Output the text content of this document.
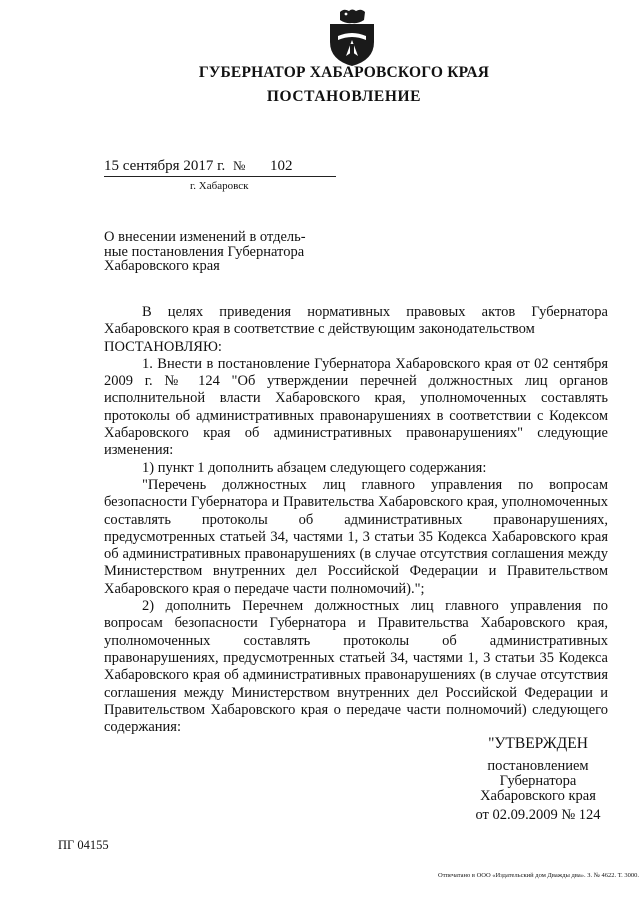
ГУБЕРНАТОР ХАБАРОВСКОГО КРАЯ
ПОСТАНОВЛЕНИЕ
15 сентября 2017 г. № 102
г. Хабаровск
О внесении изменений в отдель-
ные постановления Губернатора
Хабаровского края

В целях приведения нормативных правовых актов Губернатора Хабаровского края в соответствие с действующим законодательством

ПОСТАНОВЛЯЮ:

1. Внести в постановление Губернатора Хабаровского края от 02 сентября 2009 г. № 124 "Об утверждении перечней должностных лиц органов исполнительной власти Хабаровского края, уполномоченных составлять протоколы об административных правонарушениях в соответствии с Кодексом Хабаровского края об административных правонарушениях" следующие изменения:

1) пункт 1 дополнить абзацем следующего содержания:

"Перечень должностных лиц главного управления по вопросам безопасности Губернатора и Правительства Хабаровского края, уполномоченных составлять протоколы об административных правонарушениях, предусмотренных статьей 34, частями 1, 3 статьи 35 Кодекса Хабаровского края об административных правонарушениях (в случае отсутствия соглашения между Министерством внутренних дел Российской Федерации и Правительством Хабаровского края о передаче части полномочий).";

2) дополнить Перечнем должностных лиц главного управления по вопросам безопасности Губернатора и Правительства Хабаровского края, уполномоченных составлять протоколы об административных правонарушениях, предусмотренных статьей 34, частями 1, 3 статьи 35 Кодекса Хабаровского края об административных правонарушениях (в случае отсутствия соглашения между Министерством внутренних дел Российской Федерации и Правительством Хабаровского края о передаче части полномочий) следующего содержания:

"УТВЕРЖДЕН
постановлением
Губернатора
Хабаровского края
от 02.09.2009 № 124
ПГ 04155
Отпечатано в ООО «Издательский дом Дважды два». З. № 4622. Т. 3000.
